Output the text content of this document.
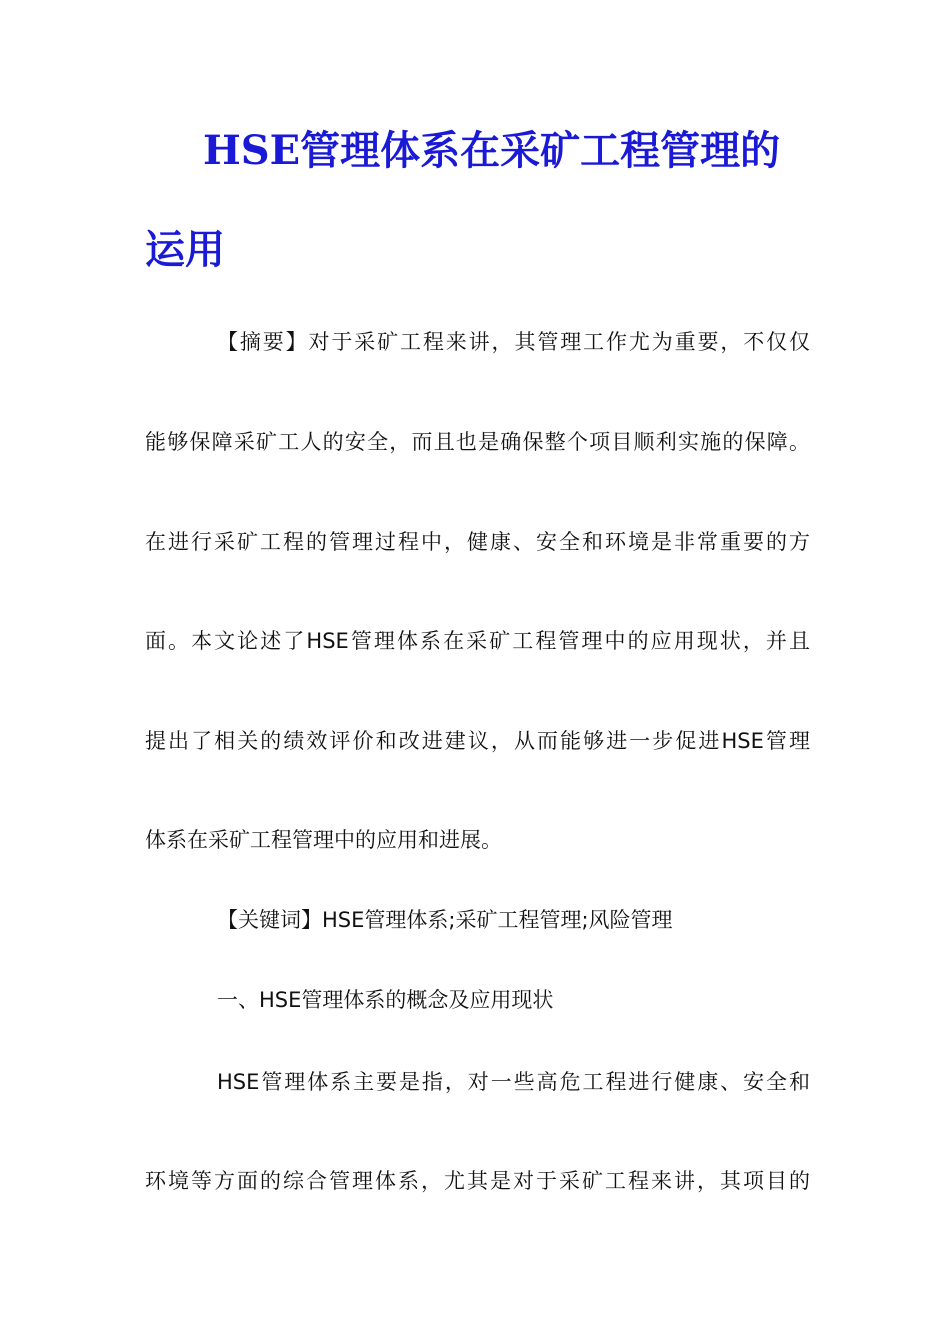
HSE管理体系在采矿工程管理的
运用
【摘要】对于采矿工程来讲，其管理工作尤为重要，不仅仅
能够保障采矿工人的安全，而且也是确保整个项目顺利实施的保障。
在进行采矿工程的管理过程中，健康、安全和环境是非常重要的方
面。本文论述了HSE管理体系在采矿工程管理中的应用现状，并且
提出了相关的绩效评价和改进建议，从而能够进一步促进HSE管理
体系在采矿工程管理中的应用和进展。
【关键词】HSE管理体系;采矿工程管理;风险管理
一、HSE管理体系的概念及应用现状
HSE管理体系主要是指，对一些高危工程进行健康、安全和
环境等方面的综合管理体系，尤其是对于采矿工程来讲，其项目的
